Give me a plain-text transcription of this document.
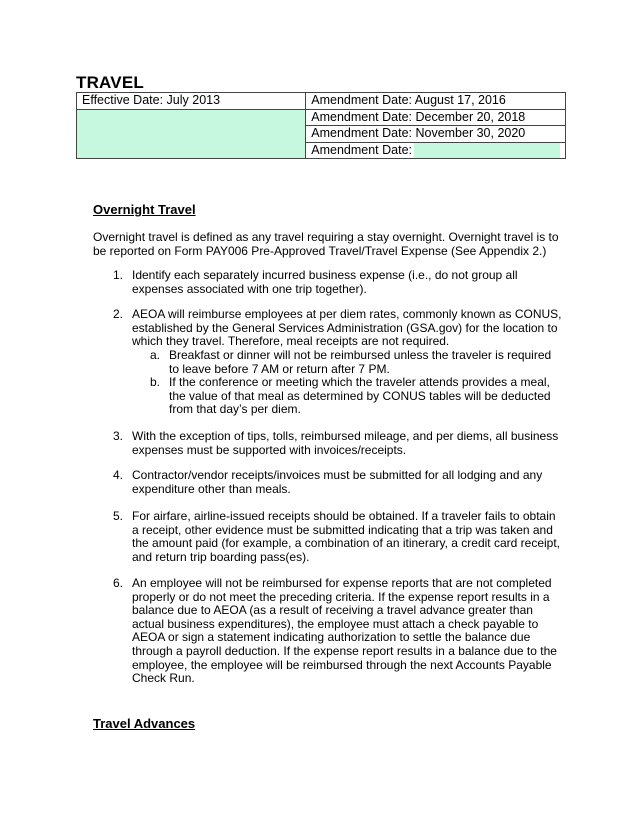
TRAVEL
Effective Date: July 2013	Amendment Date: August 17, 2016
	Amendment Date: December 20, 2018
	Amendment Date: November 30, 2020
	Amendment Date:
Overnight Travel
Overnight travel is defined as any travel requiring a stay overnight. Overnight travel is to be reported on Form PAY006 Pre-Approved Travel/Travel Expense (See Appendix 2.)
1. Identify each separately incurred business expense (i.e., do not group all expenses associated with one trip together).
2. AEOA will reimburse employees at per diem rates, commonly known as CONUS, established by the General Services Administration (GSA.gov) for the location to which they travel. Therefore, meal receipts are not required.
a. Breakfast or dinner will not be reimbursed unless the traveler is required to leave before 7 AM or return after 7 PM.
b. If the conference or meeting which the traveler attends provides a meal, the value of that meal as determined by CONUS tables will be deducted from that day’s per diem.
3. With the exception of tips, tolls, reimbursed mileage, and per diems, all business expenses must be supported with invoices/receipts.
4. Contractor/vendor receipts/invoices must be submitted for all lodging and any expenditure other than meals.
5. For airfare, airline-issued receipts should be obtained. If a traveler fails to obtain a receipt, other evidence must be submitted indicating that a trip was taken and the amount paid (for example, a combination of an itinerary, a credit card receipt, and return trip boarding pass(es).
6. An employee will not be reimbursed for expense reports that are not completed properly or do not meet the preceding criteria. If the expense report results in a balance due to AEOA (as a result of receiving a travel advance greater than actual business expenditures), the employee must attach a check payable to AEOA or sign a statement indicating authorization to settle the balance due through a payroll deduction. If the expense report results in a balance due to the employee, the employee will be reimbursed through the next Accounts Payable Check Run.
Travel Advances
